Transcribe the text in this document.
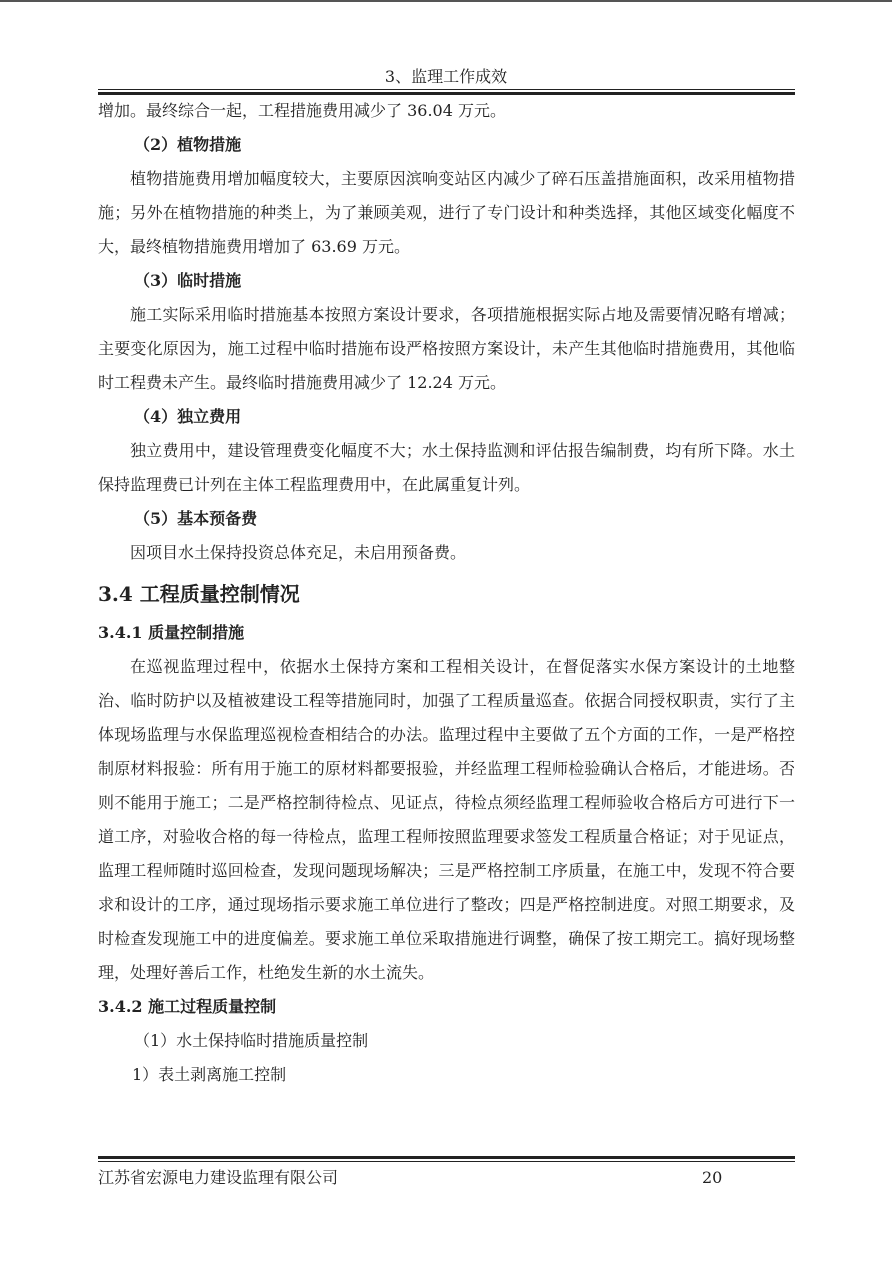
3、监理工作成效

增加。最终综合一起，工程措施费用减少了 36.04 万元。

（2）植物措施

植物措施费用增加幅度较大，主要原因滨响变站区内减少了碎石压盖措施面积，改采用植物措施；另外在植物措施的种类上，为了兼顾美观，进行了专门设计和种类选择，其他区域变化幅度不大，最终植物措施费用增加了 63.69 万元。

（3）临时措施

施工实际采用临时措施基本按照方案设计要求，各项措施根据实际占地及需要情况略有增减；主要变化原因为，施工过程中临时措施布设严格按照方案设计，未产生其他临时措施费用，其他临时工程费未产生。最终临时措施费用减少了 12.24 万元。

（4）独立费用

独立费用中，建设管理费变化幅度不大；水土保持监测和评估报告编制费，均有所下降。水土保持监理费已计列在主体工程监理费用中，在此属重复计列。

（5）基本预备费

因项目水土保持投资总体充足，未启用预备费。

3.4 工程质量控制情况

3.4.1 质量控制措施

在巡视监理过程中，依据水土保持方案和工程相关设计，在督促落实水保方案设计的土地整治、临时防护以及植被建设工程等措施同时，加强了工程质量巡查。依据合同授权职责，实行了主体现场监理与水保监理巡视检查相结合的办法。监理过程中主要做了五个方面的工作，一是严格控制原材料报验：所有用于施工的原材料都要报验，并经监理工程师检验确认合格后，才能进场。否则不能用于施工；二是严格控制待检点、见证点，待检点须经监理工程师验收合格后方可进行下一道工序，对验收合格的每一待检点，监理工程师按照监理要求签发工程质量合格证；对于见证点，监理工程师随时巡回检查，发现问题现场解决；三是严格控制工序质量，在施工中，发现不符合要求和设计的工序，通过现场指示要求施工单位进行了整改；四是严格控制进度。对照工期要求，及时检查发现施工中的进度偏差。要求施工单位采取措施进行调整，确保了按工期完工。搞好现场整理，处理好善后工作，杜绝发生新的水土流失。

3.4.2 施工过程质量控制

（1）水土保持临时措施质量控制

1）表土剥离施工控制

江苏省宏源电力建设监理有限公司	20
